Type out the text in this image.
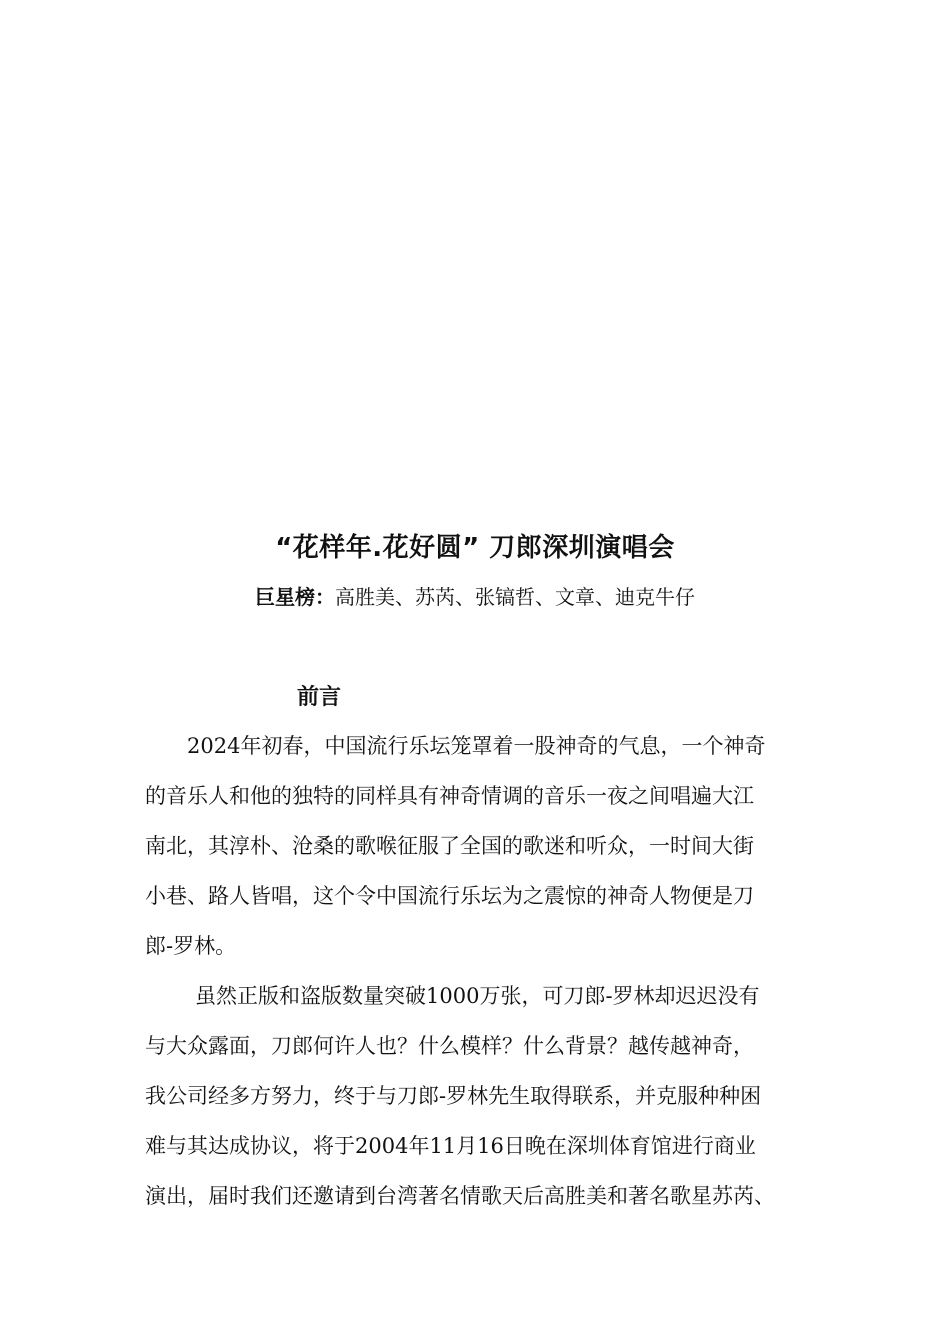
“花样年.花好圆” 刀郎深圳演唱会
巨星榜：高胜美、苏芮、张镐哲、文章、迪克牛仔
前言

2024年初春，中国流行乐坛笼罩着一股神奇的气息，一个神奇
的音乐人和他的独特的同样具有神奇情调的音乐一夜之间唱遍大江
南北，其淳朴、沧桑的歌喉征服了全国的歌迷和听众，一时间大街
小巷、路人皆唱，这个令中国流行乐坛为之震惊的神奇人物便是刀
郎-罗林。

虽然正版和盗版数量突破1000万张，可刀郎-罗林却迟迟没有
与大众露面，刀郎何许人也？什么模样？什么背景？越传越神奇，
我公司经多方努力，终于与刀郎-罗林先生取得联系，并克服种种困
难与其达成协议，将于2004年11月16日晚在深圳体育馆进行商业
演出，届时我们还邀请到台湾著名情歌天后高胜美和著名歌星苏芮、
